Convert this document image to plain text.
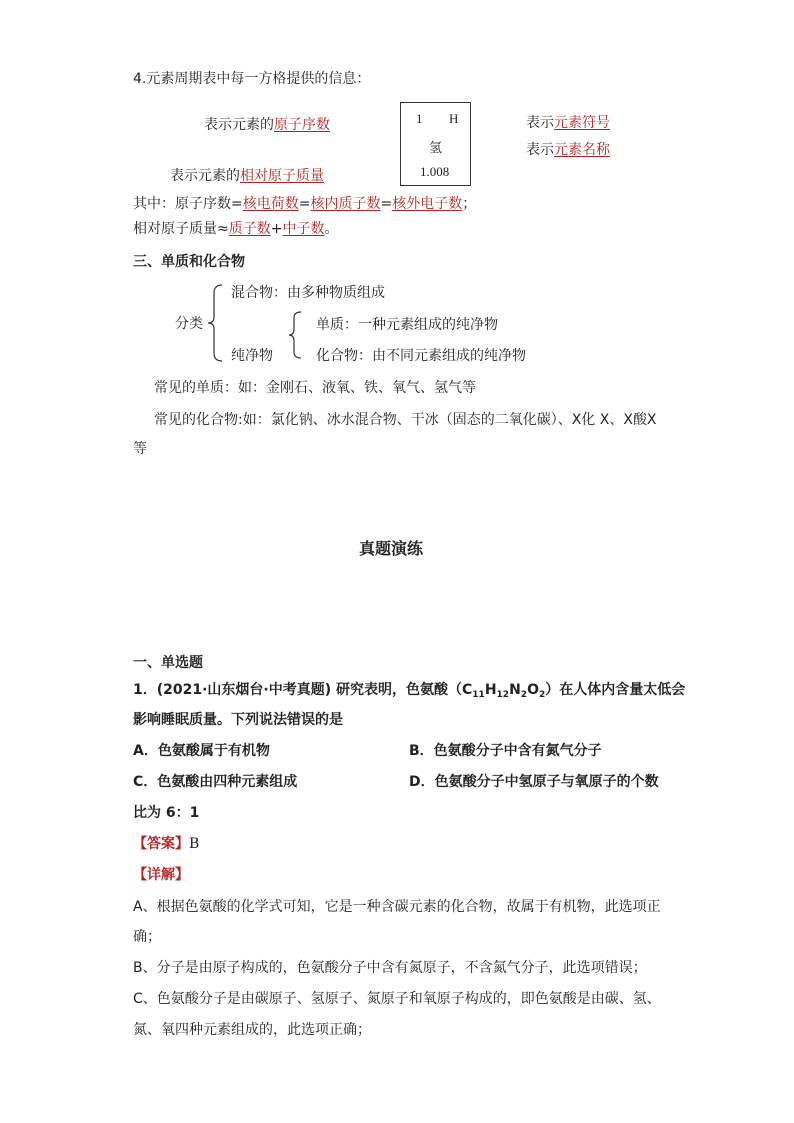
4.元素周期表中每一方格提供的信息：
表示元素的原子序数
表示元素的相对原子质量
1 H
氢
1.008
表示元素符号
表示元素名称
其中：原子序数=核电荷数=核内质子数=核外电子数；
相对原子质量≈质子数+中子数。
三、单质和化合物
分类
混合物：由多种物质组成
纯净物
单质：一种元素组成的纯净物
化合物：由不同元素组成的纯净物
常见的单质：如：金刚石、液氧、铁、氧气、氢气等
常见的化合物:如：氯化钠、冰水混合物、干冰（固态的二氧化碳）、X化 X、X酸X
等
真题演练
一、单选题
1．(2021·山东烟台·中考真题) 研究表明，色氨酸$(C_{11}H_{12}N_2O_2)$在人体内含量太低会
影响睡眠质量。下列说法错误的是
A．色氨酸属于有机物	B．色氨酸分子中含有氮气分子
C．色氨酸由四种元素组成	D．色氨酸分子中氢原子与氧原子的个数
比为 6：1
【答案】B
【详解】
A、根据色氨酸的化学式可知，它是一种含碳元素的化合物，故属于有机物，此选项正
确；
B、分子是由原子构成的，色氨酸分子中含有氮原子，不含氮气分子，此选项错误；
C、色氨酸分子是由碳原子、氢原子、氮原子和氧原子构成的，即色氨酸是由碳、氢、
氮、氧四种元素组成的，此选项正确；
